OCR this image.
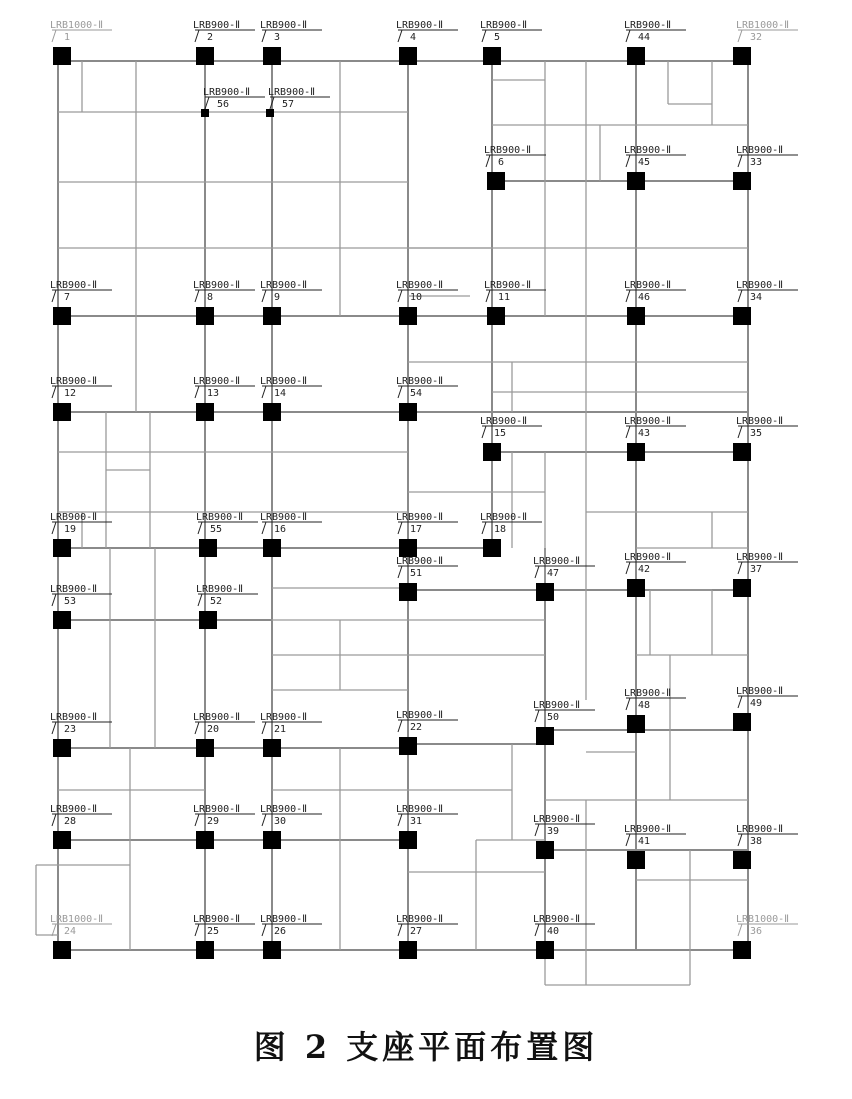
LRB1000-Ⅱ
1
LRB900-Ⅱ
2
LRB900-Ⅱ
3
LRB900-Ⅱ
4
LRB900-Ⅱ
5
LRB900-Ⅱ
44
LRB1000-Ⅱ
32
LRB900-Ⅱ
56
LRB900-Ⅱ
57
LRB900-Ⅱ
6
LRB900-Ⅱ
45
LRB900-Ⅱ
33
LRB900-Ⅱ
7
LRB900-Ⅱ
8
LRB900-Ⅱ
9
LRB900-Ⅱ
10
LRB900-Ⅱ
11
LRB900-Ⅱ
46
LRB900-Ⅱ
34
LRB900-Ⅱ
12
LRB900-Ⅱ
13
LRB900-Ⅱ
14
LRB900-Ⅱ
54
LRB900-Ⅱ
15
LRB900-Ⅱ
43
LRB900-Ⅱ
35
LRB900-Ⅱ
19
LRB900-Ⅱ
55
LRB900-Ⅱ
16
LRB900-Ⅱ
17
LRB900-Ⅱ
18
LRB900-Ⅱ
51
LRB900-Ⅱ
47
LRB900-Ⅱ
42
LRB900-Ⅱ
37
LRB900-Ⅱ
53
LRB900-Ⅱ
52
LRB900-Ⅱ
23
LRB900-Ⅱ
20
LRB900-Ⅱ
21
LRB900-Ⅱ
22
LRB900-Ⅱ
50
LRB900-Ⅱ
48
LRB900-Ⅱ
49
LRB900-Ⅱ
28
LRB900-Ⅱ
29
LRB900-Ⅱ
30
LRB900-Ⅱ
31	LRB900-Ⅱ
39	LRB900-Ⅱ
41
LRB900-Ⅱ
38
LRB1000-Ⅱ
24
LRB900-Ⅱ
25
LRB900-Ⅱ
26
LRB900-Ⅱ
27
LRB900-Ⅱ
40
LRB1000-Ⅱ
36
图 2 支座平面布置图
